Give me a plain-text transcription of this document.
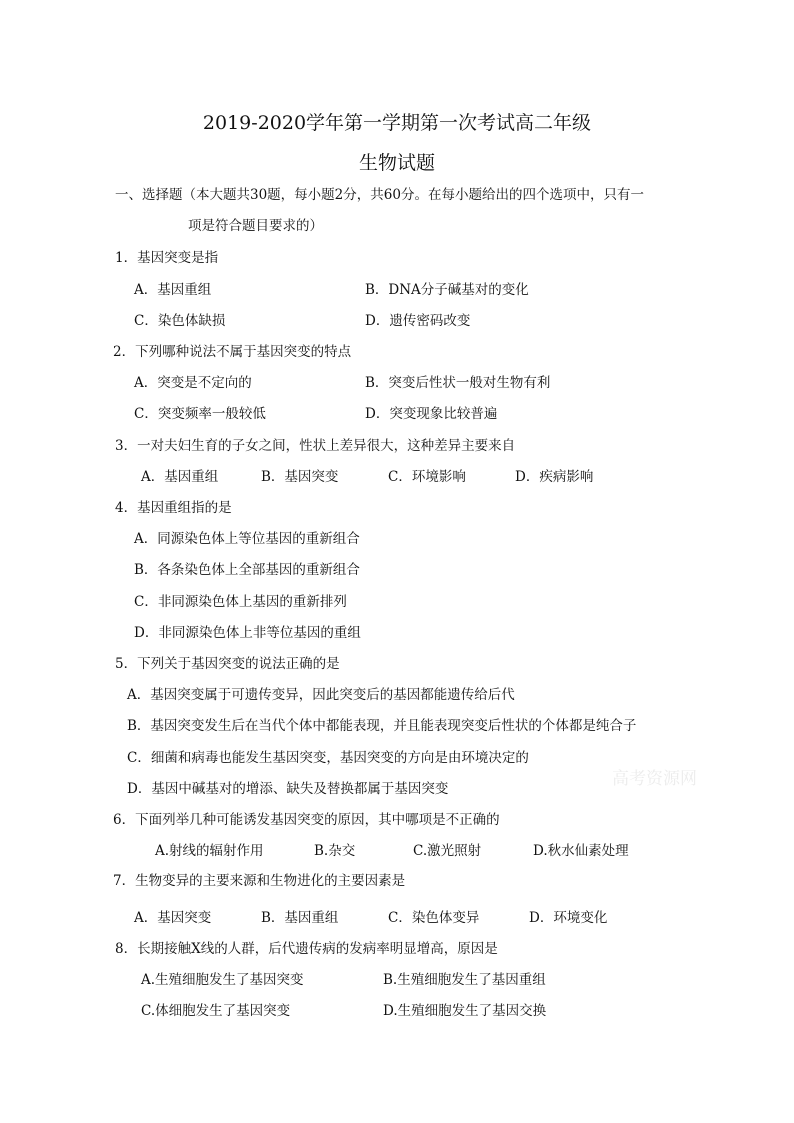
2019-2020学年第一学期第一次考试高二年级
生物试题
一、选择题（本大题共30题，每小题2分，共60分。在每小题给出的四个选项中，只有一
项是符合题目要求的）
1．基因突变是指
A．基因重组	B．DNA分子碱基对的变化
C．染色体缺损	D．遗传密码改变
2．下列哪种说法不属于基因突变的特点
A．突变是不定向的	B．突变后性状一般对生物有利
C．突变频率一般较低	D．突变现象比较普遍
3．一对夫妇生育的子女之间，性状上差异很大，这种差异主要来自
A．基因重组	B．基因突变	C．环境影响	D．疾病影响
4．基因重组指的是
A．同源染色体上等位基因的重新组合
B．各条染色体上全部基因的重新组合
C．非同源染色体上基因的重新排列
D．非同源染色体上非等位基因的重组
5．下列关于基因突变的说法正确的是
A．基因突变属于可遗传变异，因此突变后的基因都能遗传给后代
B．基因突变发生后在当代个体中都能表现，并且能表现突变后性状的个体都是纯合子
C．细菌和病毒也能发生基因突变，基因突变的方向是由环境决定的
D．基因中碱基对的增添、缺失及替换都属于基因突变
6．下面列举几种可能诱发基因突变的原因，其中哪项是不正确的
A.射线的辐射作用	B.杂交	C.激光照射	D.秋水仙素处理
7．生物变异的主要来源和生物进化的主要因素是
A．基因突变	B．基因重组	C．染色体变异	D．环境变化
8．长期接触X线的人群，后代遗传病的发病率明显增高，原因是
A.生殖细胞发生了基因突变	B.生殖细胞发生了基因重组
C.体细胞发生了基因突变	D.生殖细胞发生了基因交换
高考资源网
